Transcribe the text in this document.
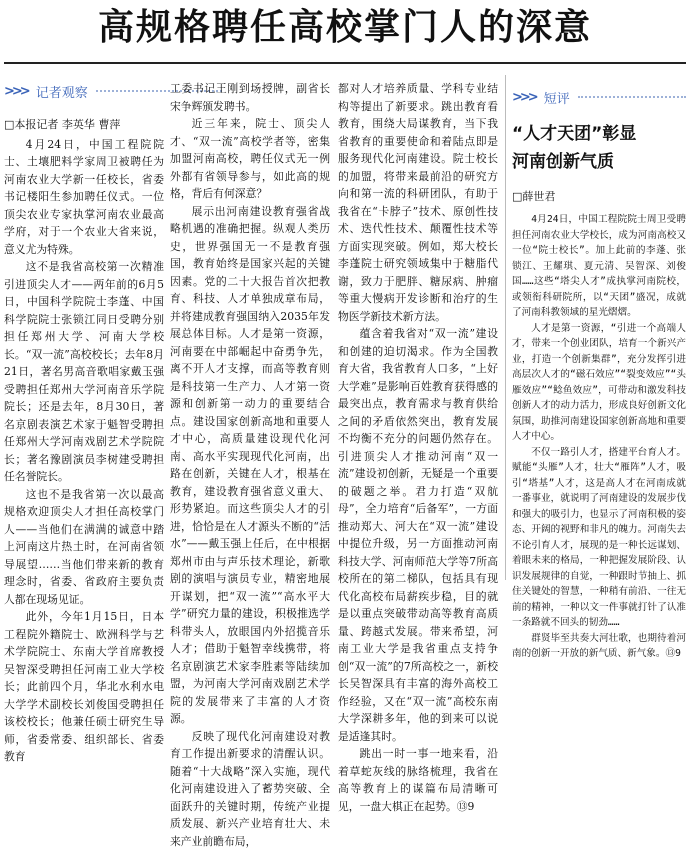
高规格聘任高校掌门人的深意
>>> 记者观察
□本报记者 李英华 曹萍

4月24日，中国工程院院士、土壤肥料学家周卫被聘任为河南农业大学新一任校长，省委书记楼阳生参加聘任仪式。一位顶尖农业专家执掌河南农业最高学府，对于一个农业大省来说，意义尤为特殊。

这不是我省高校第一次精准引进顶尖人才——两年前的6月5日，中国科学院院士李蓬、中国科学院院士张锁江同日受聘分别担任郑州大学、河南大学校长。“双一流”高校校长；去年8月21日，著名男高音歌唱家戴玉强受聘担任郑州大学河南音乐学院院长；还是去年，8月30日，著名京剧表演艺术家于魁智受聘担任郑州大学河南戏剧艺术学院院长；著名豫剧演员李树建受聘担任名誉院长。

这也不是我省第一次以最高规格欢迎顶尖人才担任高校掌门人——当他们在满满的诚意中踏上河南这片热土时，在河南省领导展望……当他们带来新的教育理念时，省委、省政府主要负责人都在现场见证。

此外，今年1月15日，日本工程院外籍院士、欧洲科学与艺术学院院士、东南大学首席教授吴智深受聘担任河南工业大学校长；此前四个月，华北水利水电大学学术副校长刘俊国受聘担任该校校长；他兼任硕士研究生导师，省委常委、组织部长、省委教育

工委书记王刚到场授牌，副省长宋争辉颁发聘书。

近三年来，院士、顶尖人才、“双一流”高校学者等，密集加盟河南高校，聘任仪式无一例外都有省领导参与，如此高的规格，背后有何深意？

展示出河南建设教育强省战略机遇的准确把握。纵观人类历史，世界强国无一不是教育强国，教育始终是国家兴起的关键因素。党的二十大报告首次把教育、科技、人才单独成章布局，并将建成教育强国纳入2035年发展总体目标。人才是第一资源，河南要在中部崛起中奋勇争先，离不开人才支撑，而高等教育则是科技第一生产力、人才第一资源和创新第一动力的重要结合点。建设国家创新高地和重要人才中心，高质量建设现代化河南、高水平实现现代化河南，出路在创新，关键在人才，根基在教育，建设教育强省意义重大、形势紧迫。而这些顶尖人才的引进，恰恰是在人才源头不断的“活水”——戴玉强上任后，在中根据郑州市由与声乐技术理论，新歌剧的演唱与演员专业，精密地展开谋划，把“双一流”“高水平大学”研究力量的建设，积极推选学科带头人，放眼国内外招揽音乐人才；借助于魁智幸线携带，将名京剧演艺术家李胜素等陆续加盟，为河南大学河南戏剧艺术学院的发展带来了丰富的人才资源。

反映了现代化河南建设对教育工作提出新要求的清醒认识。随着“十大战略”深入实施，现代化河南建设进入了蓄势突破、全面跃升的关键时期，传统产业提质发展、新兴产业培育壮大、未来产业前瞻布局，

都对人才培养质量、学科专业结构等提出了新要求。跳出教育看教育，围绕大局谋教育，当下我省教育的重要使命和着陆点即是服务现代化河南建设。院士校长的加盟，将带来最前沿的研究方向和第一流的科研团队，有助于我省在“卡脖子”技术、原创性技术、迭代性技术、颠覆性技术等方面实现突破。例如，郑大校长李蓬院士研究领域集中于糖脂代谢，致力于肥胖、糖尿病、肿瘤等重大慢病开发诊断和治疗的生物医学新技术新方法。

蕴含着我省对“双一流”建设和创建的迫切渴求。作为全国教育大省，我省教育人口多，“上好大学难”是影响百姓教育获得感的最突出点，教育需求与教育供给之间的矛盾依然突出，教育发展不均衡不充分的问题仍然存在。引进顶尖人才推动河南“双一流”建设初创新，无疑是一个重要的破题之举。君力打造“双航母”，全力培育“后备军”，一方面推动郑大、河大在“双一流”建设中提位升级，另一方面推动河南科技大学、河南师范大学等7所高校所在的第二梯队，包括具有现代化高校布局薪疾步稳，目的就是以重点突破带动高等教育高质量、跨越式发展。带来希望，河南工业大学是我省重点支持争创“双一流”的7所高校之一，新校长吴智深具有丰富的海外高校工作经验，又在“双一流”高校东南大学深耕多年，他的到来可以说是适逢其时。

跳出一时一事一地来看，沿着草蛇灰线的脉络梳理，我省在高等教育上的谋篇布局清晰可见，一盘大棋正在起势。⑬9

>>> 短评
“人才天团”彰显
河南创新气质
□薛世君

4月24日，中国工程院院士周卫受聘担任河南农业大学校长，成为河南高校又一位“院士校长”。加上此前的李蓬、张锁江、王耀琪、夏元清、吴智深、刘俊国……这些“塔尖人才”成执掌河南院校，或领衔科研院所，以“天团”盛况，成就了河南科教领域的星光熠熠。

人才是第一资源，“引进一个高端人才，带来一个创业团队，培育一个新兴产业，打造一个创新集群”，充分发挥引进高层次人才的“磁石效应”“裂变效应”“头雁效应”“鲶鱼效应”，可带动和激发科技创新人才的动力活力，形成良好创新文化氛围，助推河南建设国家创新高地和重要人才中心。

不仅一路引人才，搭建平台育人才。赋能“头雁”人才，壮大“雁阵”人才，吸引“塔基”人才，这是高人才在河南成就一番事业，就说明了河南建设的发展步伐和强大的吸引力，也显示了河南积极的姿态、开阔的视野和非凡的魄力。河南失去不论引育人才，展现的是一种长远谋划、着眼未来的格局，一种把握发展阶段、认识发展规律的自觉，一种跟时节抽上、抓住关键处的智慧，一种稍有前沿、一往无前的精神，一种以文一件事就打针了认准一条路就不回头的韧劲……

群贤毕至共奏大河壮歌，也期待着河南的创新一开放的新气质、新气象。⑬9
